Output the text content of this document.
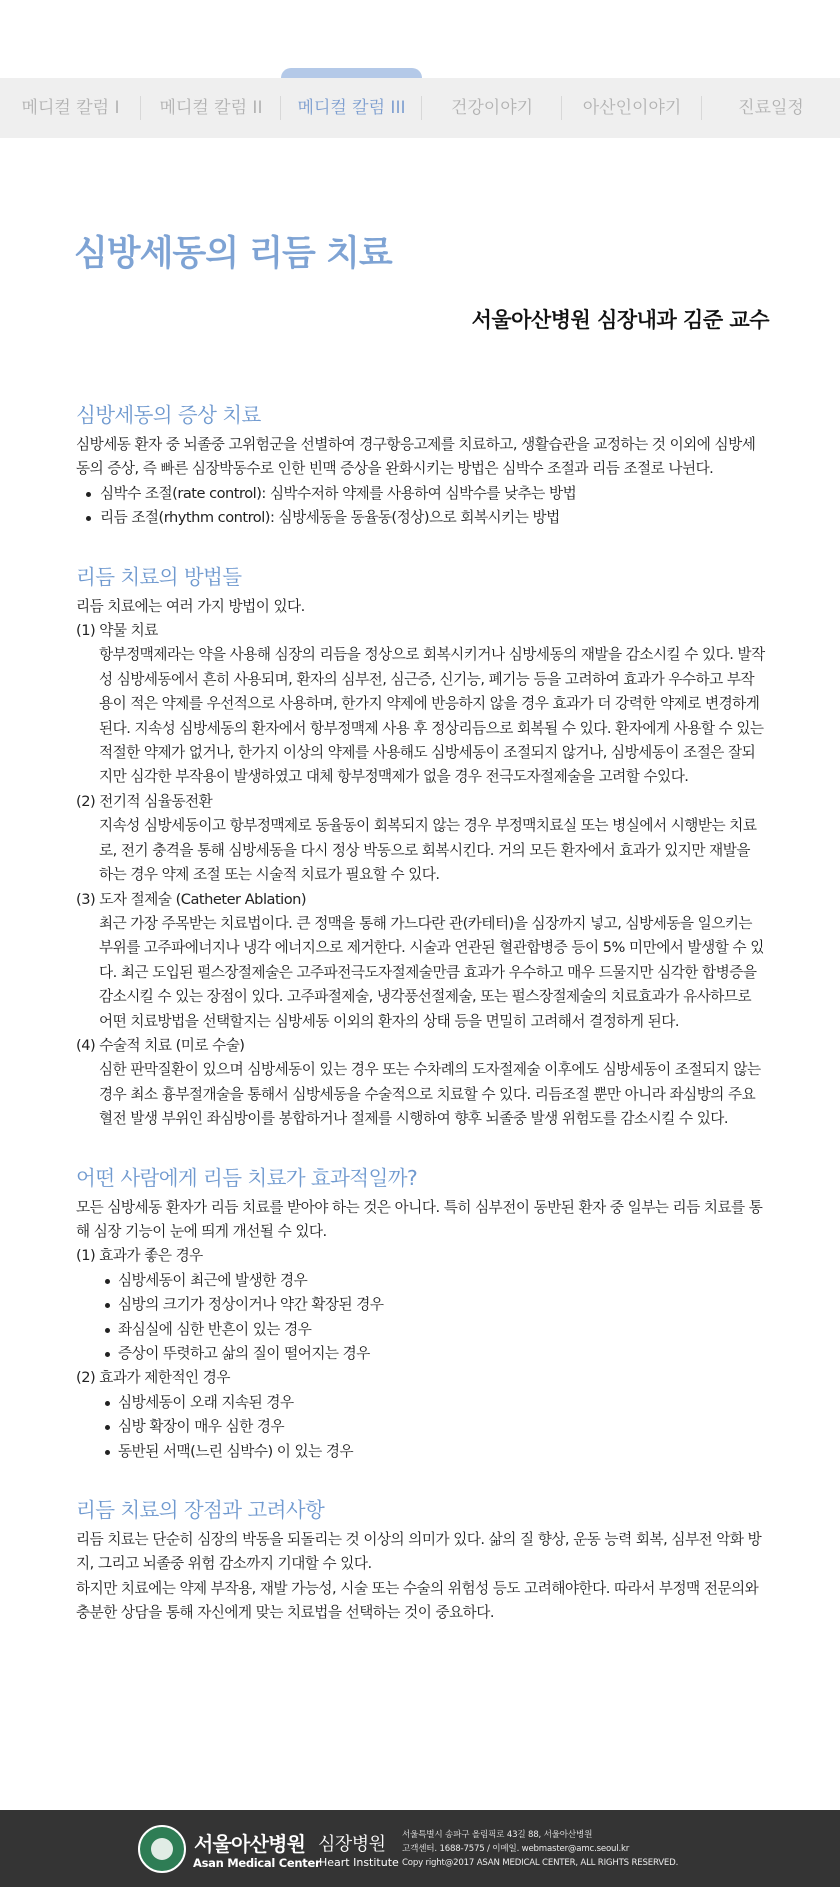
메디컬 칼럼 I	메디컬 칼럼 II	메디컬 칼럼 III	건강이야기	아산인이야기	진료일정
심방세동의 리듬 치료
서울아산병원 심장내과 김준 교수
심방세동의 증상 치료

심방세동 환자 중 뇌졸중 고위험군을 선별하여 경구항응고제를 치료하고, 생활습관을 교정하는 것 이외에 심방세동의 증상, 즉 빠른 심장박동수로 인한 빈맥 증상을 완화시키는 방법은 심박수 조절과 리듬 조절로 나뉜다.

심박수 조절(rate control): 심박수저하 약제를 사용하여 심박수를 낮추는 방법
리듬 조절(rhythm control): 심방세동을 동율동(정상)으로 회복시키는 방법
리듬 치료의 방법들

리듬 치료에는 여러 가지 방법이 있다.

(1) 약물 치료

항부정맥제라는 약을 사용해 심장의 리듬을 정상으로 회복시키거나 심방세동의 재발을 감소시킬 수 있다. 발작성 심방세동에서 흔히 사용되며, 환자의 심부전, 심근증, 신기능, 폐기능 등을 고려하여 효과가 우수하고 부작용이 적은 약제를 우선적으로 사용하며, 한가지 약제에 반응하지 않을 경우 효과가 더 강력한 약제로 변경하게 된다. 지속성 심방세동의 환자에서 항부정맥제 사용 후 정상리듬으로 회복될 수 있다. 환자에게 사용할 수 있는 적절한 약제가 없거나, 한가지 이상의 약제를 사용해도 심방세동이 조절되지 않거나, 심방세동이 조절은 잘되지만 심각한 부작용이 발생하였고 대체 항부정맥제가 없을 경우 전극도자절제술을 고려할 수있다.

(2) 전기적 심율동전환

지속성 심방세동이고 항부정맥제로 동율동이 회복되지 않는 경우 부정맥치료실 또는 병실에서 시행받는 치료로, 전기 충격을 통해 심방세동을 다시 정상 박동으로 회복시킨다. 거의 모든 환자에서 효과가 있지만 재발을 하는 경우 약제 조절 또는 시술적 치료가 필요할 수 있다.

(3) 도자 절제술 (Catheter Ablation)

최근 가장 주목받는 치료법이다. 큰 정맥을 통해 가느다란 관(카테터)을 심장까지 넣고, 심방세동을 일으키는 부위를 고주파에너지나 냉각 에너지으로 제거한다. 시술과 연관된 혈관합병증 등이 5% 미만에서 발생할 수 있다. 최근 도입된 펄스장절제술은 고주파전극도자절제술만큼 효과가 우수하고 매우 드물지만 심각한 합병증을 감소시킬 수 있는 장점이 있다. 고주파절제술, 냉각풍선절제술, 또는 펄스장절제술의 치료효과가 유사하므로 어떤 치료방법을 선택할지는 심방세동 이외의 환자의 상태 등을 면밀히 고려해서 결정하게 된다.

(4) 수술적 치료 (미로 수술)

심한 판막질환이 있으며 심방세동이 있는 경우 또는 수차례의 도자절제술 이후에도 심방세동이 조절되지 않는 경우 최소 흉부절개술을 통해서 심방세동을 수술적으로 치료할 수 있다. 리듬조절 뿐만 아니라 좌심방의 주요 혈전 발생 부위인 좌심방이를 봉합하거나 절제를 시행하여 향후 뇌졸중 발생 위험도를 감소시킬 수 있다.

어떤 사람에게 리듬 치료가 효과적일까?

모든 심방세동 환자가 리듬 치료를 받아야 하는 것은 아니다. 특히 심부전이 동반된 환자 중 일부는 리듬 치료를 통해 심장 기능이 눈에 띄게 개선될 수 있다.

(1) 효과가 좋은 경우

심방세동이 최근에 발생한 경우
심방의 크기가 정상이거나 약간 확장된 경우
좌심실에 심한 반흔이 있는 경우
증상이 뚜렷하고 삶의 질이 떨어지는 경우

(2) 효과가 제한적인 경우

심방세동이 오래 지속된 경우
심방 확장이 매우 심한 경우
동반된 서맥(느린 심박수) 이 있는 경우
리듬 치료의 장점과 고려사항

리듬 치료는 단순히 심장의 박동을 되돌리는 것 이상의 의미가 있다. 삶의 질 향상, 운동 능력 회복, 심부전 악화 방지, 그리고 뇌졸중 위험 감소까지 기대할 수 있다.

하지만 치료에는 약제 부작용, 재발 가능성, 시술 또는 수술의 위험성 등도 고려해야한다. 따라서 부정맥 전문의와 충분한 상담을 통해 자신에게 맞는 치료법을 선택하는 것이 중요하다.

서울아산병원 심장병원
Asan Medical Center
Heart Institute
서울특별시 송파구 올림픽로 43길 88, 서울아산병원
고객센터. 1688-7575 / 이메일. webmaster@amc.seoul.kr
Copy right@2017 ASAN MEDICAL CENTER, ALL RIGHTS RESERVED.
